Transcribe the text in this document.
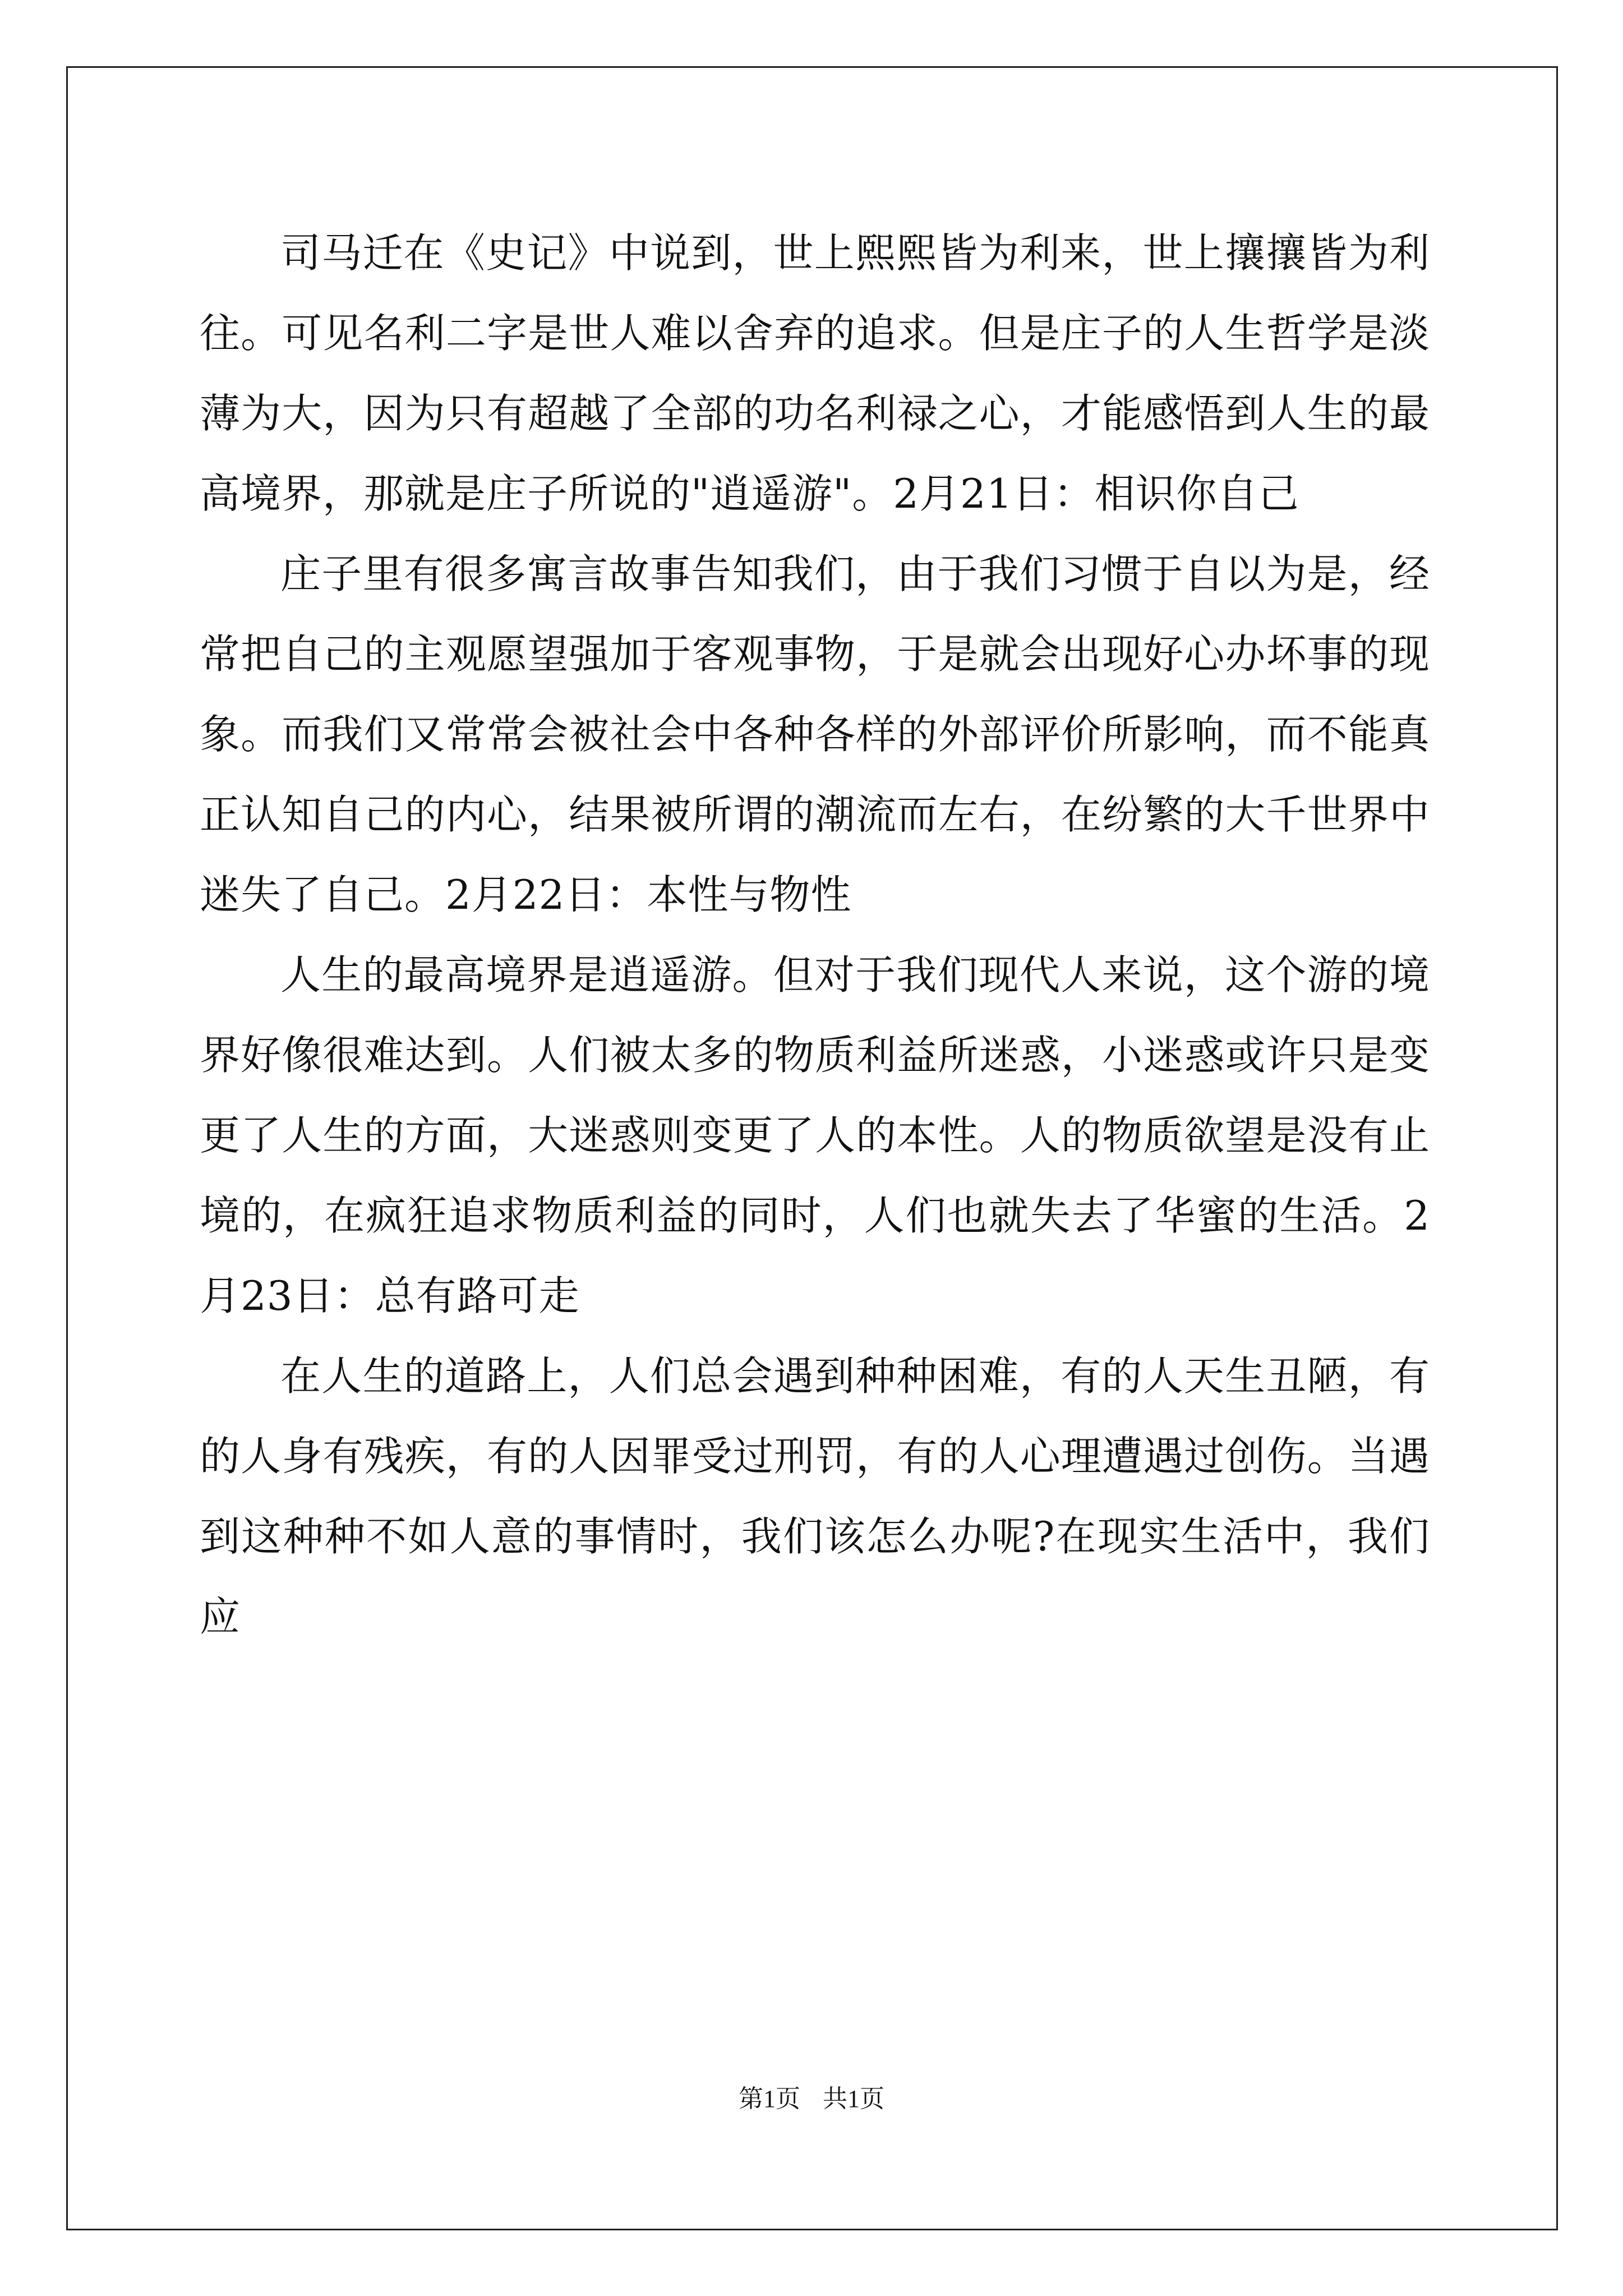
司马迁在《史记》中说到，世上熙熙皆为利来，世上攘攘皆为利往。可见名利二字是世人难以舍弃的追求。但是庄子的人生哲学是淡薄为大，因为只有超越了全部的功名利禄之心，才能感悟到人生的最高境界，那就是庄子所说的"逍遥游"。2月21日：相识你自己

庄子里有很多寓言故事告知我们，由于我们习惯于自以为是，经常把自己的主观愿望强加于客观事物，于是就会出现好心办坏事的现象。而我们又常常会被社会中各种各样的外部评价所影响，而不能真正认知自己的内心，结果被所谓的潮流而左右，在纷繁的大千世界中迷失了自己。2月22日：本性与物性

人生的最高境界是逍遥游。但对于我们现代人来说，这个游的境界好像很难达到。人们被太多的物质利益所迷惑，小迷惑或许只是变更了人生的方面，大迷惑则变更了人的本性。人的物质欲望是没有止境的，在疯狂追求物质利益的同时，人们也就失去了华蜜的生活。2月23日：总有路可走

在人生的道路上，人们总会遇到种种困难，有的人天生丑陋，有的人身有残疾，有的人因罪受过刑罚，有的人心理遭遇过创伤。当遇到这种种不如人意的事情时，我们该怎么办呢?在现实生活中，我们应

第1页 共1页
